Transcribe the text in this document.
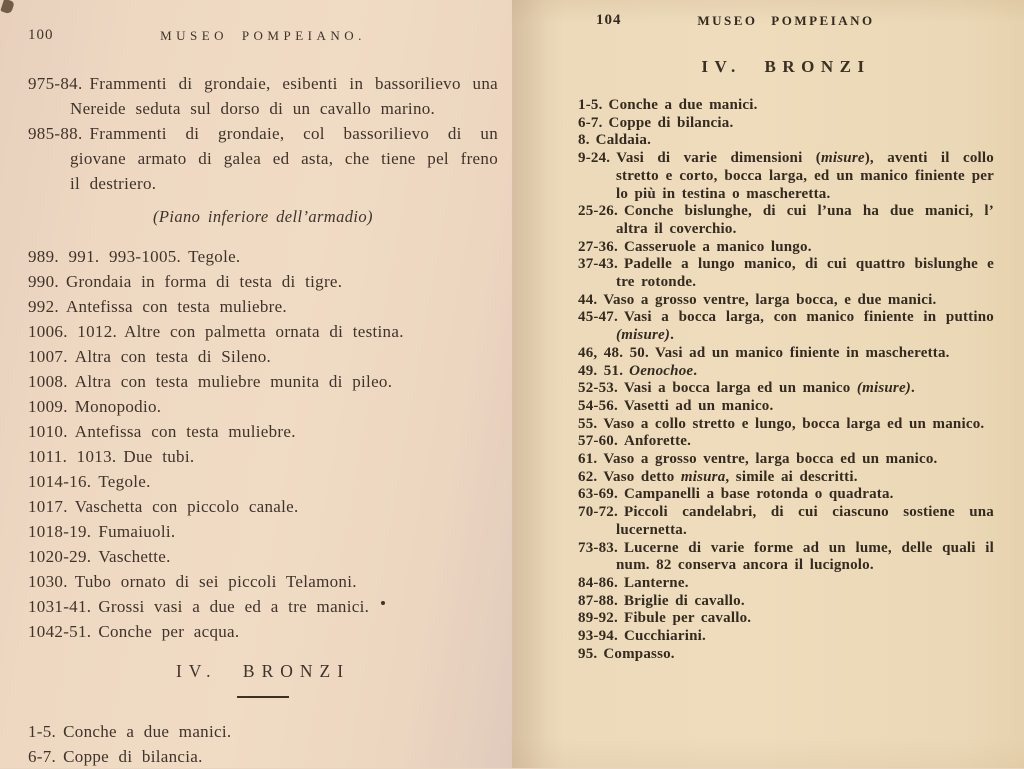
100	MUSEO POMPEIANO.

975-84. Frammenti di grondaie, esibenti in bassorilievo una Nereide seduta sul dorso di un cavallo marino.

985-88. Frammenti di grondaie, col bassorilievo di un giovane armato di galea ed asta, che tiene pel freno il destriero.

(Piano inferiore dell’armadio)

989. 991. 993-1005. Tegole.

990. Grondaia in forma di testa di tigre.

992. Antefissa con testa muliebre.

1006. 1012. Altre con palmetta ornata di testina.

1007. Altra con testa di Sileno.

1008. Altra con testa muliebre munita di pileo.

1009. Monopodio.

1010. Antefissa con testa muliebre.

1011. 1013. Due tubi.

1014-16. Tegole.

1017. Vaschetta con piccolo canale.

1018-19. Fumaiuoli.

1020-29. Vaschette.

1030. Tubo ornato di sei piccoli Telamoni.

1031-41. Grossi vasi a due ed a tre manici.

1042-51. Conche per acqua.

IV. BRONZI

1-5. Conche a due manici.

6-7. Coppe di bilancia.

104	MUSEO POMPEIANO
IV. BRONZI

1-5. Conche a due manici.

6-7. Coppe di bilancia.

8. Caldaia.

9-24. Vasi di varie dimensioni (misure), aventi il collo stretto e corto, bocca larga, ed un manico finiente per lo più in testina o mascheretta.

25-26. Conche bislunghe, di cui l’una ha due manici, l’ altra il coverchio.

27-36. Casseruole a manico lungo.

37-43. Padelle a lungo manico, di cui quattro bislunghe e tre rotonde.

44. Vaso a grosso ventre, larga bocca, e due manici.

45-47. Vasi a bocca larga, con manico finiente in puttino (misure).

46, 48. 50. Vasi ad un manico finiente in mascheretta.

49. 51. Oenochoe.

52-53. Vasi a bocca larga ed un manico (misure).

54-56. Vasetti ad un manico.

55. Vaso a collo stretto e lungo, bocca larga ed un manico.

57-60. Anforette.

61. Vaso a grosso ventre, larga bocca ed un manico.

62. Vaso detto misura, simile ai descritti.

63-69. Campanelli a base rotonda o quadrata.

70-72. Piccoli candelabri, di cui ciascuno sostiene una lucernetta.

73-83. Lucerne di varie forme ad un lume, delle quali il num. 82 conserva ancora il lucignolo.

84-86. Lanterne.

87-88. Briglie di cavallo.

89-92. Fibule per cavallo.

93-94. Cucchiarini.

95. Compasso.
